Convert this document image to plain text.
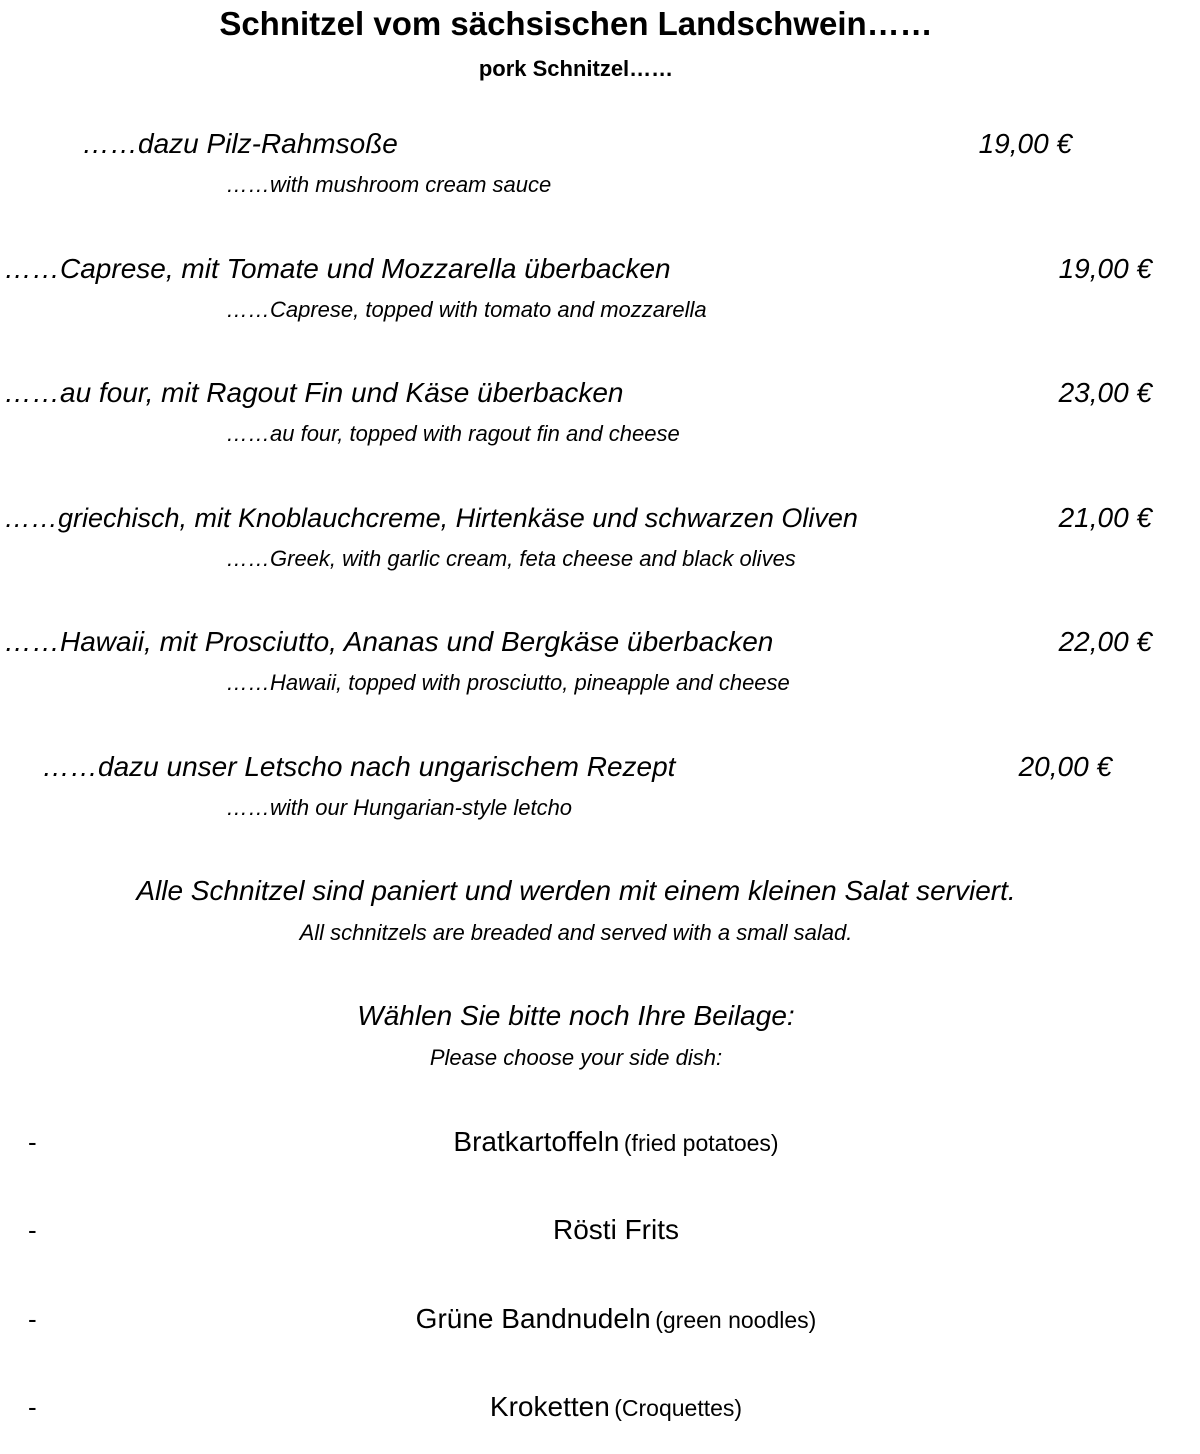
Schnitzel vom sächsischen Landschwein……
pork Schnitzel……
……dazu Pilz-Rahmsoße	19,00 €
……with mushroom cream sauce
……Caprese, mit Tomate und Mozzarella überbacken	19,00 €
……Caprese, topped with tomato and mozzarella
……au four, mit Ragout Fin und Käse überbacken	23,00 €
……au four, topped with ragout fin and cheese
……griechisch, mit Knoblauchcreme, Hirtenkäse und schwarzen Oliven	21,00 €
……Greek, with garlic cream, feta cheese and black olives
……Hawaii, mit Prosciutto, Ananas und Bergkäse überbacken	22,00 €
……Hawaii, topped with prosciutto, pineapple and cheese
……dazu unser Letscho nach ungarischem Rezept	20,00 €
……with our Hungarian-style letcho
Alle Schnitzel sind paniert und werden mit einem kleinen Salat serviert.
All schnitzels are breaded and served with a small salad.
Wählen Sie bitte noch Ihre Beilage:
Please choose your side dish:
-	Bratkartoffeln (fried potatoes)
-	Rösti Frits
-	Grüne Bandnudeln (green noodles)
-	Kroketten (Croquettes)
